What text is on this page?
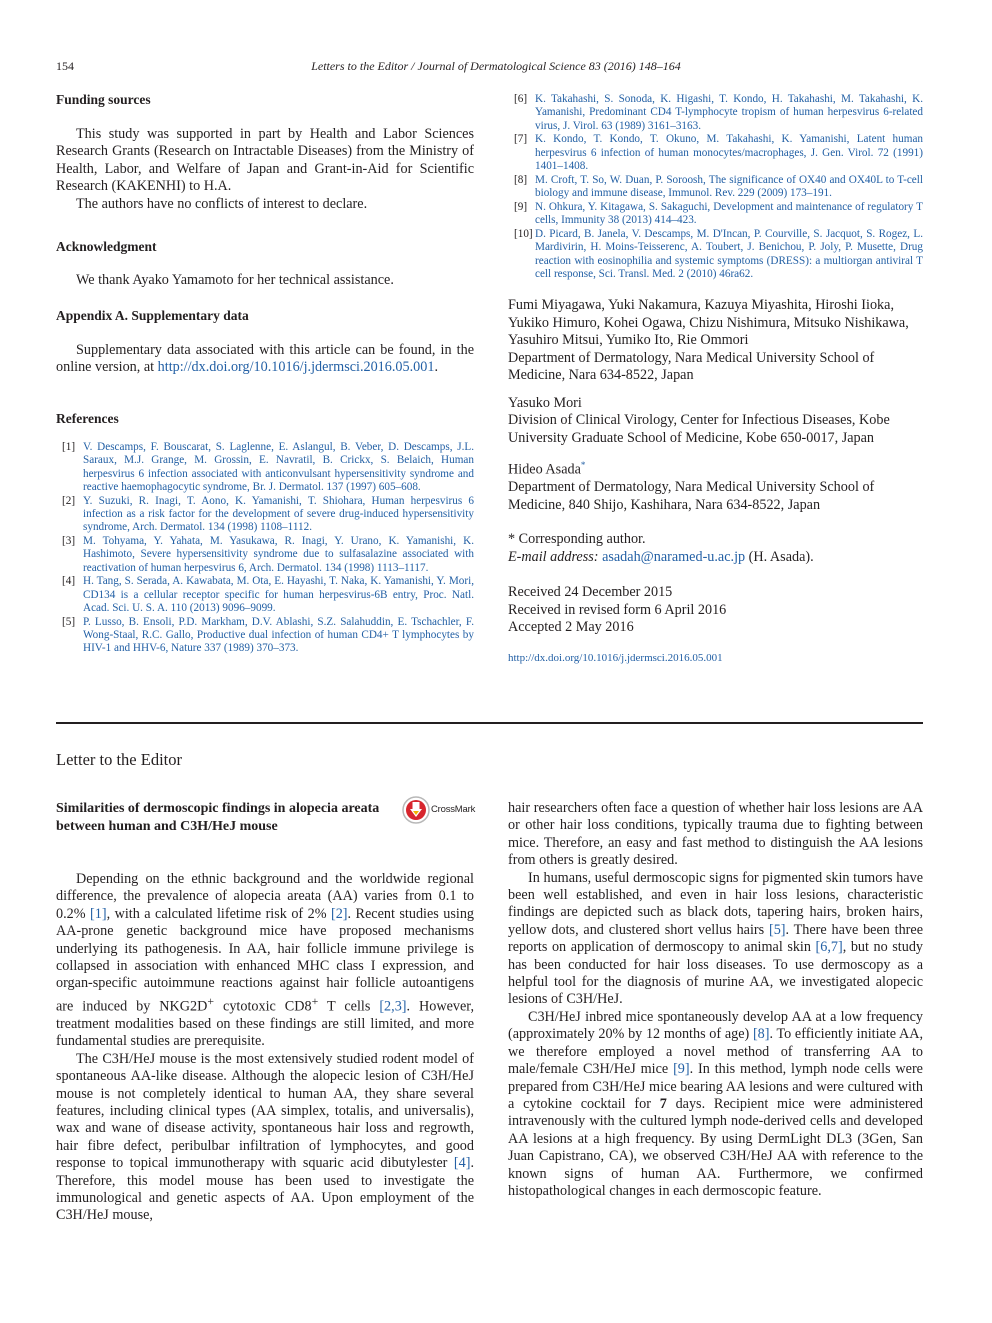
154	Letters to the Editor / Journal of Dermatological Science 83 (2016) 148–164
Funding sources

This study was supported in part by Health and Labor Sciences Research Grants (Research on Intractable Diseases) from the Ministry of Health, Labor, and Welfare of Japan and Grant-in-Aid for Scientific Research (KAKENHI) to H.A.

The authors have no conflicts of interest to declare.

Acknowledgment

We thank Ayako Yamamoto for her technical assistance.

Appendix A. Supplementary data

Supplementary data associated with this article can be found, in the online version, at http://dx.doi.org/10.1016/j.jdermsci.2016.05.001.

References
[1] V. Descamps, F. Bouscarat, S. Laglenne, E. Aslangul, B. Veber, D. Descamps, J.L. Saraux, M.J. Grange, M. Grossin, E. Navratil, B. Crickx, S. Belaich, Human herpesvirus 6 infection associated with anticonvulsant hypersensitivity syndrome and reactive haemophagocytic syndrome, Br. J. Dermatol. 137 (1997) 605–608.
[2] Y. Suzuki, R. Inagi, T. Aono, K. Yamanishi, T. Shiohara, Human herpesvirus 6 infection as a risk factor for the development of severe drug-induced hypersensitivity syndrome, Arch. Dermatol. 134 (1998) 1108–1112.
[3] M. Tohyama, Y. Yahata, M. Yasukawa, R. Inagi, Y. Urano, K. Yamanishi, K. Hashimoto, Severe hypersensitivity syndrome due to sulfasalazine associated with reactivation of human herpesvirus 6, Arch. Dermatol. 134 (1998) 1113–1117.
[4] H. Tang, S. Serada, A. Kawabata, M. Ota, E. Hayashi, T. Naka, K. Yamanishi, Y. Mori, CD134 is a cellular receptor specific for human herpesvirus-6B entry, Proc. Natl. Acad. Sci. U. S. A. 110 (2013) 9096–9099.
[5] P. Lusso, B. Ensoli, P.D. Markham, D.V. Ablashi, S.Z. Salahuddin, E. Tschachler, F. Wong-Staal, R.C. Gallo, Productive dual infection of human CD4+ T lymphocytes by HIV-1 and HHV-6, Nature 337 (1989) 370–373.
[6] K. Takahashi, S. Sonoda, K. Higashi, T. Kondo, H. Takahashi, M. Takahashi, K. Yamanishi, Predominant CD4 T-lymphocyte tropism of human herpesvirus 6-related virus, J. Virol. 63 (1989) 3161–3163.
[7] K. Kondo, T. Kondo, T. Okuno, M. Takahashi, K. Yamanishi, Latent human herpesvirus 6 infection of human monocytes/macrophages, J. Gen. Virol. 72 (1991) 1401–1408.
[8] M. Croft, T. So, W. Duan, P. Soroosh, The significance of OX40 and OX40L to T-cell biology and immune disease, Immunol. Rev. 229 (2009) 173–191.
[9] N. Ohkura, Y. Kitagawa, S. Sakaguchi, Development and maintenance of regulatory T cells, Immunity 38 (2013) 414–423.
[10] D. Picard, B. Janela, V. Descamps, M. D'Incan, P. Courville, S. Jacquot, S. Rogez, L. Mardivirin, H. Moins-Teisserenc, A. Toubert, J. Benichou, P. Joly, P. Musette, Drug reaction with eosinophilia and systemic symptoms (DRESS): a multiorgan antiviral T cell response, Sci. Transl. Med. 2 (2010) 46ra62.
Fumi Miyagawa, Yuki Nakamura, Kazuya Miyashita, Hiroshi Iioka, Yukiko Himuro, Kohei Ogawa, Chizu Nishimura, Mitsuko Nishikawa, Yasuhiro Mitsui, Yumiko Ito, Rie Ommori
Department of Dermatology, Nara Medical University School of Medicine, Nara 634-8522, Japan
Yasuko Mori
Division of Clinical Virology, Center for Infectious Diseases, Kobe University Graduate School of Medicine, Kobe 650-0017, Japan
Hideo Asada*
Department of Dermatology, Nara Medical University School of Medicine, 840 Shijo, Kashihara, Nara 634-8522, Japan
* Corresponding author.
E-mail address: asadah@naramed-u.ac.jp (H. Asada).
Received 24 December 2015
Received in revised form 6 April 2016
Accepted 2 May 2016
http://dx.doi.org/10.1016/j.jdermsci.2016.05.001
Letter to the Editor
Similarities of dermoscopic findings in alopecia areata between human and C3H/HeJ mouse
CrossMark

Depending on the ethnic background and the worldwide regional difference, the prevalence of alopecia areata (AA) varies from 0.1 to 0.2% [1], with a calculated lifetime risk of 2% [2]. Recent studies using AA-prone genetic background mice have proposed mechanisms underlying its pathogenesis. In AA, hair follicle immune privilege is collapsed in association with enhanced MHC class I expression, and organ-specific autoimmune reactions against hair follicle autoantigens are induced by NKG2D+ cytotoxic CD8+ T cells [2,3]. However, treatment modalities based on these findings are still limited, and more fundamental studies are prerequisite.

The C3H/HeJ mouse is the most extensively studied rodent model of spontaneous AA-like disease. Although the alopecic lesion of C3H/HeJ mouse is not completely identical to human AA, they share several features, including clinical types (AA simplex, totalis, and universalis), wax and wane of disease activity, spontaneous hair loss and regrowth, hair fibre defect, peribulbar infiltration of lymphocytes, and good response to topical immunotherapy with squaric acid dibutylester [4]. Therefore, this model mouse has been used to investigate the immunological and genetic aspects of AA. Upon employment of the C3H/HeJ mouse,

hair researchers often face a question of whether hair loss lesions are AA or other hair loss conditions, typically trauma due to fighting between mice. Therefore, an easy and fast method to distinguish the AA lesions from others is greatly desired.

In humans, useful dermoscopic signs for pigmented skin tumors have been well established, and even in hair loss lesions, characteristic findings are depicted such as black dots, tapering hairs, broken hairs, yellow dots, and clustered short vellus hairs [5]. There have been three reports on application of dermoscopy to animal skin [6,7], but no study has been conducted for hair loss diseases. To use dermoscopy as a helpful tool for the diagnosis of murine AA, we investigated alopecic lesions of C3H/HeJ.

C3H/HeJ inbred mice spontaneously develop AA at a low frequency (approximately 20% by 12 months of age) [8]. To efficiently initiate AA, we therefore employed a novel method of transferring AA to male/female C3H/HeJ mice [9]. In this method, lymph node cells were prepared from C3H/HeJ mice bearing AA lesions and were cultured with a cytokine cocktail for 7 days. Recipient mice were administered intravenously with the cultured lymph node-derived cells and developed AA lesions at a high frequency. By using DermLight DL3 (3Gen, San Juan Capistrano, CA), we observed C3H/HeJ AA with reference to the known signs of human AA. Furthermore, we confirmed histopathological changes in each dermoscopic feature.
